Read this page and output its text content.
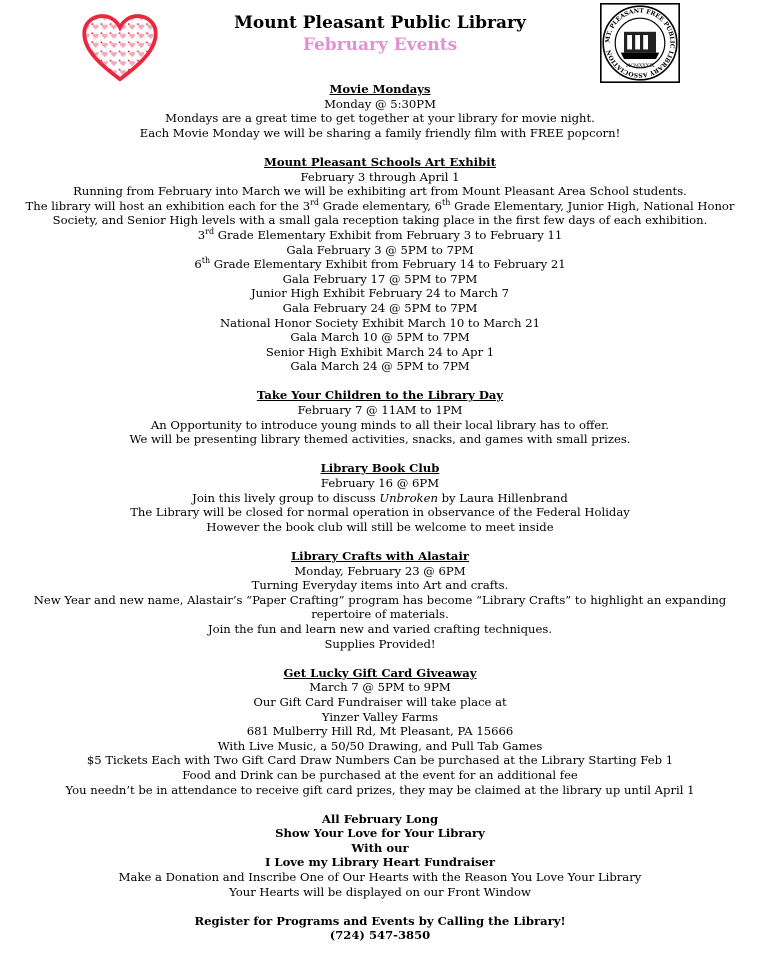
MT. PLEASANT FREE PUBLIC LIBRARY ASSOCIATION
MCMXXXIX
Mount Pleasant Public Library
February Events
Movie Mondays
Monday @ 5:30PM
Mondays are a great time to get together at your library for movie night.
Each Movie Monday we will be sharing a family friendly film with FREE popcorn!
Mount Pleasant Schools Art Exhibit
February 3 through April 1
Running from February into March we will be exhibiting art from Mount Pleasant Area School students.
The library will host an exhibition each for the 3rd Grade elementary, 6th Grade Elementary, Junior High, National Honor Society, and Senior High levels with a small gala reception taking place in the first few days of each exhibition.
3rd Grade Elementary Exhibit from February 3 to February 11
Gala February 3 @ 5PM to 7PM
6th Grade Elementary Exhibit from February 14 to February 21
Gala February 17 @ 5PM to 7PM
Junior High Exhibit February 24 to March 7
Gala February 24 @ 5PM to 7PM
National Honor Society Exhibit March 10 to March 21
Gala March 10 @ 5PM to 7PM
Senior High Exhibit March 24 to Apr 1
Gala March 24 @ 5PM to 7PM
Take Your Children to the Library Day
February 7 @ 11AM to 1PM
An Opportunity to introduce young minds to all their local library has to offer.
We will be presenting library themed activities, snacks, and games with small prizes.
Library Book Club
February 16 @ 6PM
Join this lively group to discuss Unbroken by Laura Hillenbrand
The Library will be closed for normal operation in observance of the Federal Holiday
However the book club will still be welcome to meet inside
Library Crafts with Alastair
Monday, February 23 @ 6PM
Turning Everyday items into Art and crafts.
New Year and new name, Alastair’s “Paper Crafting” program has become “Library Crafts” to highlight an expanding repertoire of materials.
Join the fun and learn new and varied crafting techniques.
Supplies Provided!
Get Lucky Gift Card Giveaway
March 7 @ 5PM to 9PM
Our Gift Card Fundraiser will take place at
Yinzer Valley Farms
681 Mulberry Hill Rd, Mt Pleasant, PA 15666
With Live Music, a 50/50 Drawing, and Pull Tab Games
$5 Tickets Each with Two Gift Card Draw Numbers Can be purchased at the Library Starting Feb 1
Food and Drink can be purchased at the event for an additional fee
You needn’t be in attendance to receive gift card prizes, they may be claimed at the library up until April 1
All February Long
Show Your Love for Your Library
With our
I Love my Library Heart Fundraiser
Make a Donation and Inscribe One of Our Hearts with the Reason You Love Your Library
Your Hearts will be displayed on our Front Window
Register for Programs and Events by Calling the Library!
(724) 547-3850
